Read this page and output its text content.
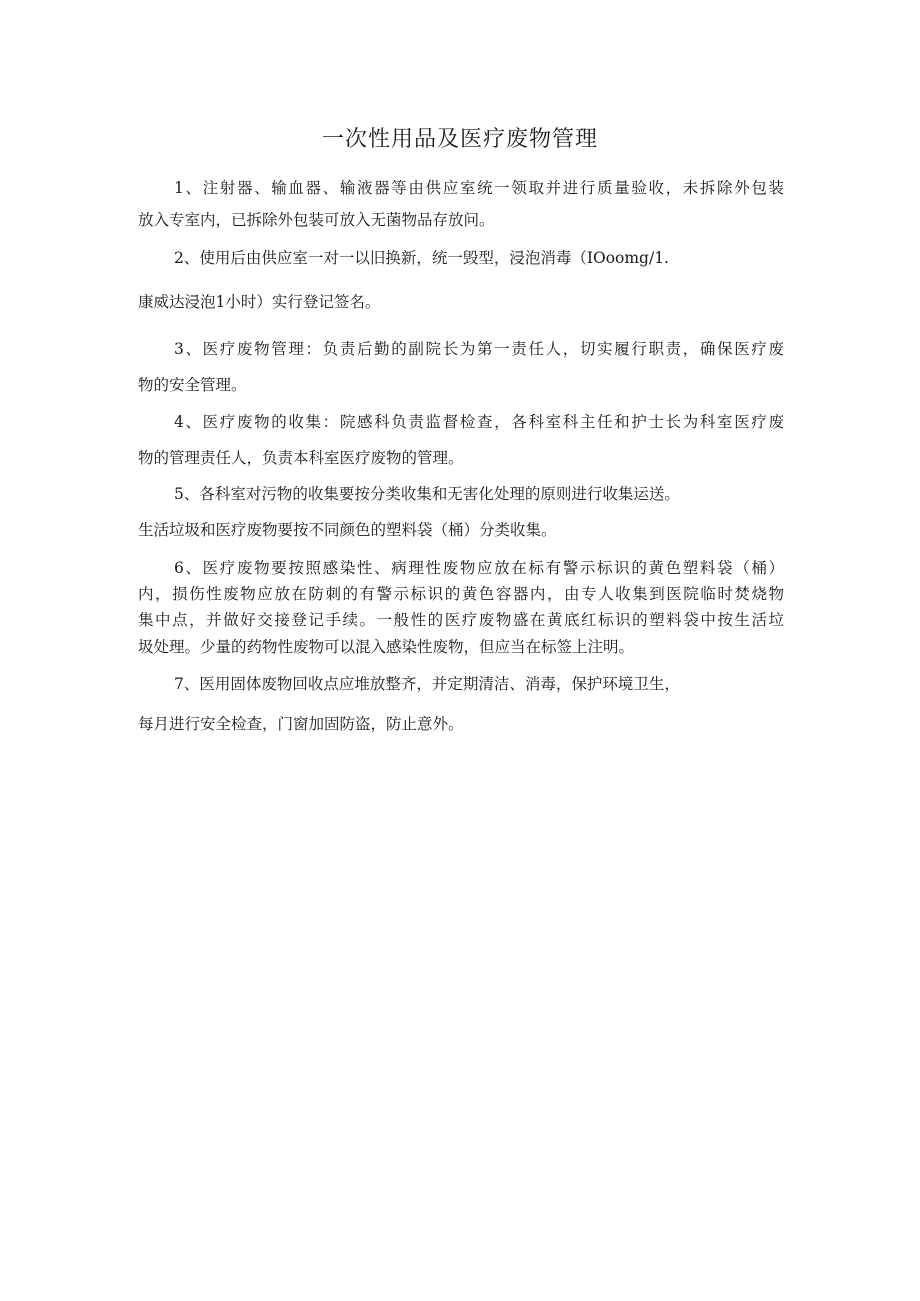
一次性用品及医疗废物管理

1、注射器、输血器、输液器等由供应室统一领取并进行质量验收，未拆除外包装

放入专室内，已拆除外包装可放入无菌物品存放问。

2、使用后由供应室一对一以旧换新，统一毁型，浸泡消毒（IOoomg/1.

康威达浸泡1小时）实行登记签名。

3、医疗废物管理：负责后勤的副院长为第一责任人，切实履行职责，确保医疗废

物的安全管理。

4、医疗废物的收集：院感科负责监督检查，各科室科主任和护士长为科室医疗废

物的管理责任人，负责本科室医疗废物的管理。

5、各科室对污物的收集要按分类收集和无害化处理的原则进行收集运送。

生活垃圾和医疗废物要按不同颜色的塑料袋（桶）分类收集。

6、医疗废物要按照感染性、病理性废物应放在标有警示标识的黄色塑料袋（桶）

内，损伤性废物应放在防刺的有警示标识的黄色容器内，由专人收集到医院临时焚烧物

集中点，并做好交接登记手续。一般性的医疗废物盛在黄底红标识的塑料袋中按生活垃

圾处理。少量的药物性废物可以混入感染性废物，但应当在标签上注明。

7、医用固体废物回收点应堆放整齐，并定期清洁、消毒，保护环境卫生，

每月进行安全检查，门窗加固防盗，防止意外。
